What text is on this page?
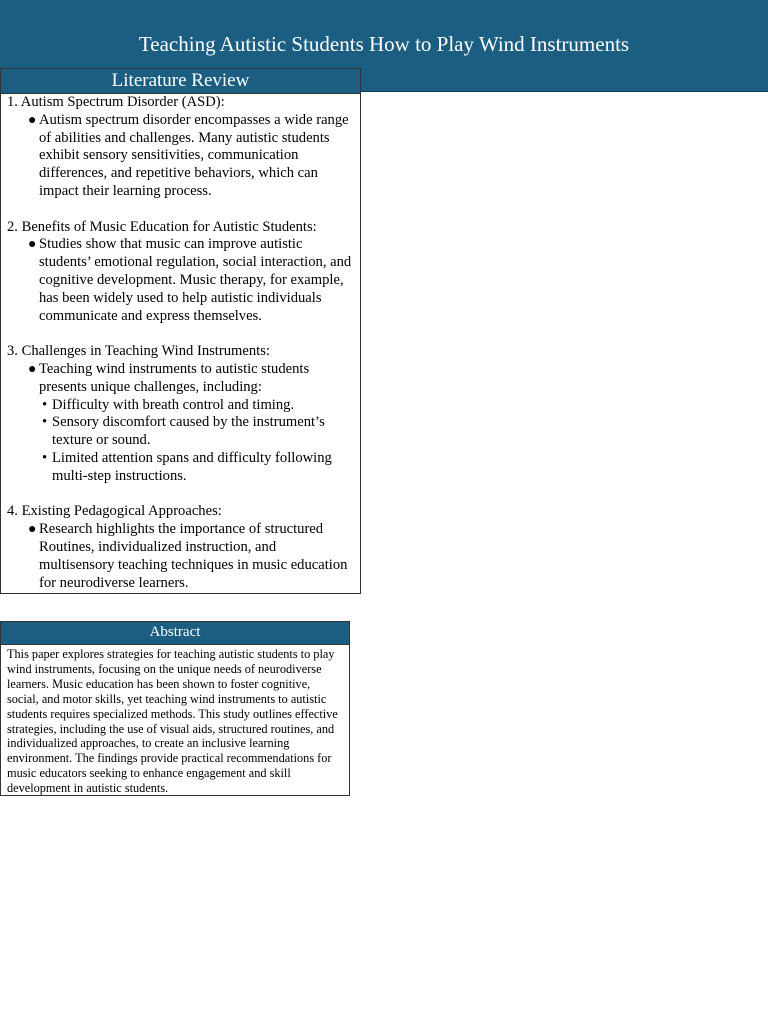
Teaching Autistic Students How to Play Wind Instruments
Literature Review

1. Autism Spectrum Disorder (ASD):

● Autism spectrum disorder encompasses a wide range of abilities and challenges. Many autistic students exhibit sensory sensitivities, communication differences, and repetitive behaviors, which can impact their learning process.

2. Benefits of Music Education for Autistic Students:

● Studies show that music can improve autistic students’ emotional regulation, social interaction, and cognitive development. Music therapy, for example, has been widely used to help autistic individuals communicate and express themselves.

3. Challenges in Teaching Wind Instruments:

● Teaching wind instruments to autistic students presents unique challenges, including:
• Difficulty with breath control and timing.
• Sensory discomfort caused by the instrument’s texture or sound.
• Limited attention spans and difficulty following multi-step instructions.

4. Existing Pedagogical Approaches:

● Research highlights the importance of structured Routines, individualized instruction, and multisensory teaching techniques in music education for neurodiverse learners.
Abstract
This paper explores strategies for teaching autistic students to play wind instruments, focusing on the unique needs of neurodiverse learners. Music education has been shown to foster cognitive, social, and motor skills, yet teaching wind instruments to autistic students requires specialized methods. This study outlines effective strategies, including the use of visual aids, structured routines, and individualized approaches, to create an inclusive learning environment. The findings provide practical recommendations for music educators seeking to enhance engagement and skill development in autistic students.
